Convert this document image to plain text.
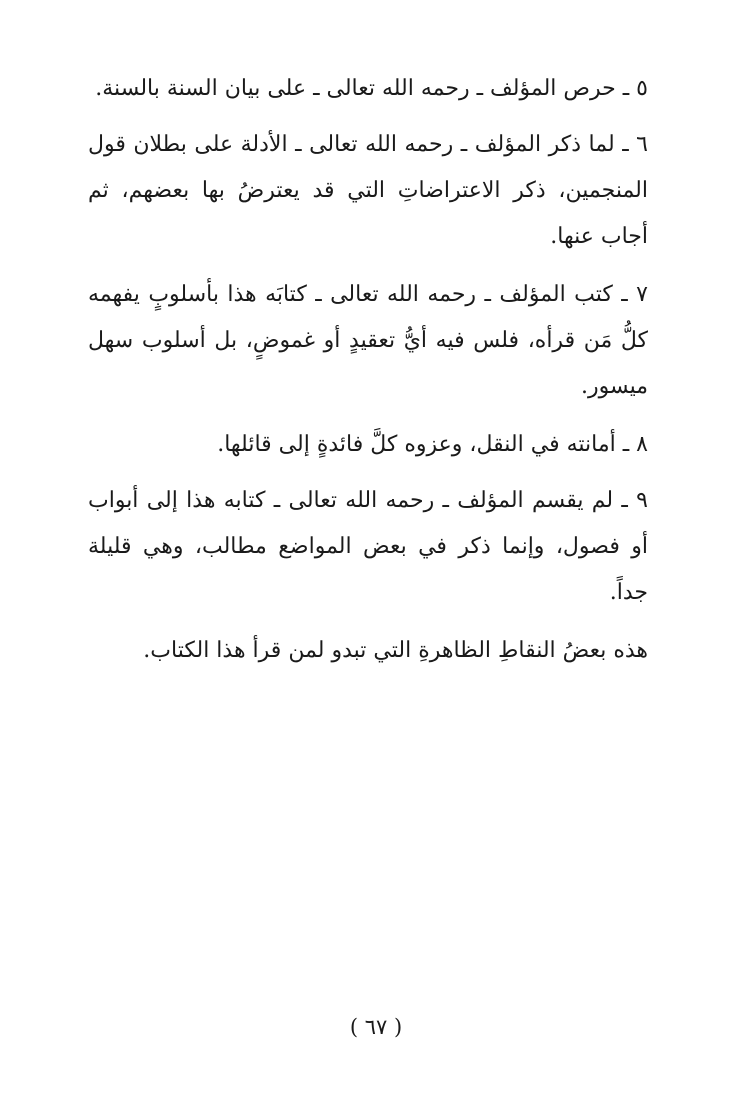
٥ ـ حرص المؤلف ـ رحمه الله تعالى ـ على بيان السنة بالسنة.

٦ ـ لما ذكر المؤلف ـ رحمه الله تعالى ـ الأدلة على بطلان قول المنجمين، ذكر الاعتراضاتِ التي قد يعترضُ بها بعضهم، ثم أجاب عنها.

٧ ـ كتب المؤلف ـ رحمه الله تعالى ـ كتابَه هذا بأسلوبٍ يفهمه كلُّ مَن قرأه، فلس فيه أيُّ تعقيدٍ أو غموضٍ، بل أسلوب سهل ميسور.

٨ ـ أمانته في النقل، وعزوه كلَّ فائدةٍ إلى قائلها.

٩ ـ لم يقسم المؤلف ـ رحمه الله تعالى ـ كتابه هذا إلى أبواب أو فصول، وإنما ذكر في بعض المواضع مطالب، وهي قليلة جداً.

هذه بعضُ النقاطِ الظاهرةِ التي تبدو لمن قرأ هذا الكتاب.

( ٦٧ )
